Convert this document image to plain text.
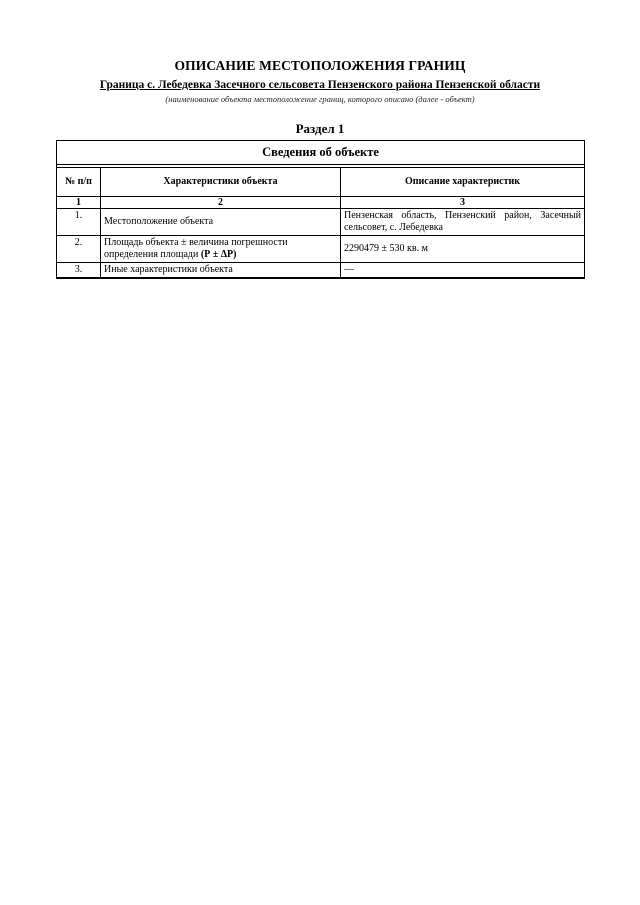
ОПИСАНИЕ МЕСТОПОЛОЖЕНИЯ ГРАНИЦ
Граница с. Лебедевка Засечного сельсовета Пензенского района Пензенской области
(наименование объекта местоположение границ, которого описано (далее - объект)
Раздел 1
Сведения об объекте		

№ п/п	Характеристики объекта	Описание характеристик
1	2	3
1.	Местоположение объекта	Пензенская область, Пензенский район, Засечный сельсовет, с. Лебедевка
2.	Площадь объекта ± величина погрешности определения площади (Р ± ΔР)	2290479 ± 530 кв. м
3.	Иные характеристики объекта	—
